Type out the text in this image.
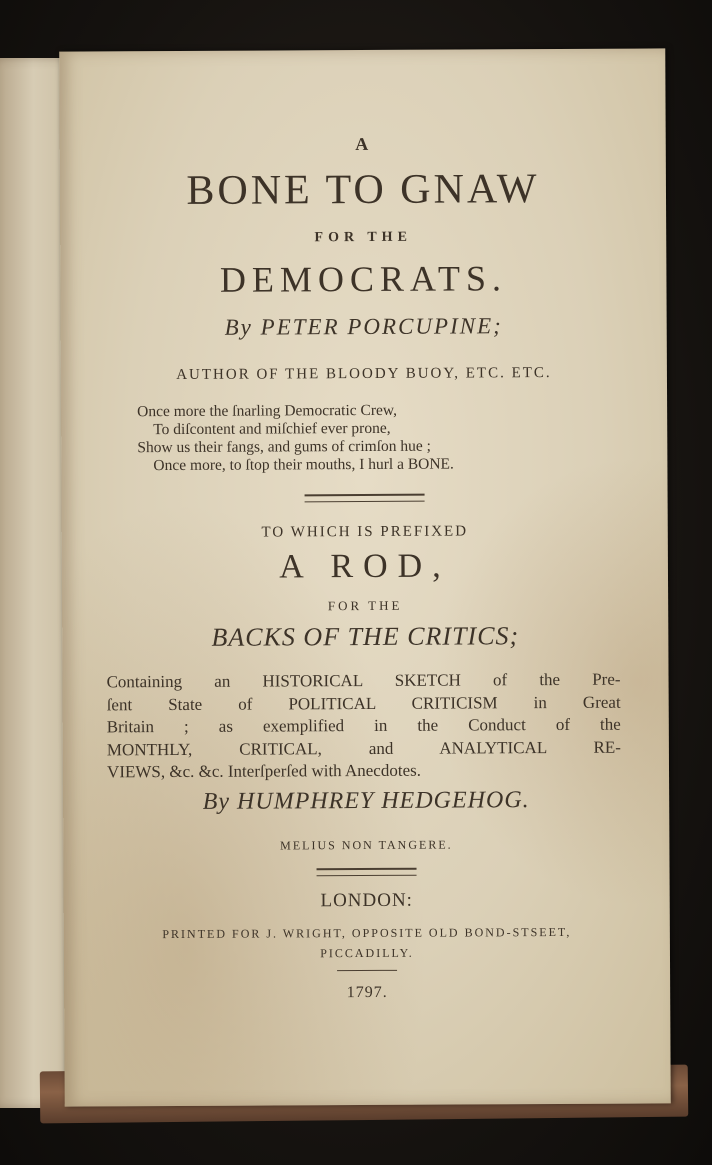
A
BONE TO GNAW
FOR THE
DEMOCRATS.
By PETER PORCUPINE;
AUTHOR OF THE BLOODY BUOY, ETC. ETC.
Once more the ſnarling Democratic Crew,
To diſcontent and miſchief ever prone,
Show us their fangs, and gums of crimſon hue ;
Once more, to ſtop their mouths, I hurl a BONE.
TO WHICH IS PREFIXED
A ROD,
FOR THE
BACKS OF THE CRITICS;
Containing an HISTORICAL SKETCH of the Pre-
ſent State of POLITICAL CRITICISM in Great
Britain ; as exemplified in the Conduct of the
MONTHLY, CRITICAL, and ANALYTICAL RE-
VIEWS, &c. &c. Interſperſed with Anecdotes.
By HUMPHREY HEDGEHOG.
MELIUS NON TANGERE.
LONDON:
PRINTED FOR J. WRIGHT, OPPOSITE OLD BOND-STSEET,
PICCADILLY.
1797.
